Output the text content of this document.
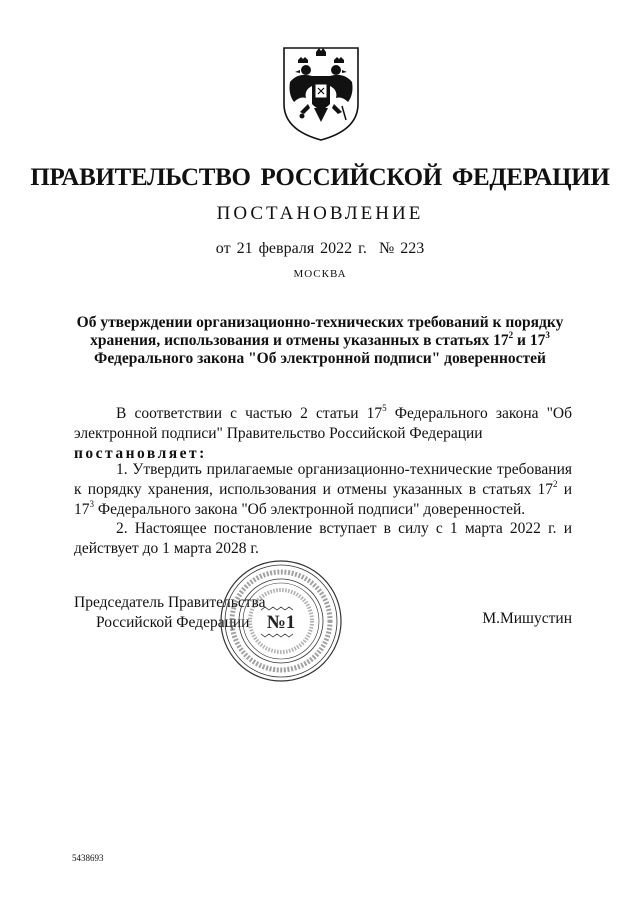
ПРАВИТЕЛЬСТВО РОССИЙСКОЙ ФЕДЕРАЦИИ
ПОСТАНОВЛЕНИЕ
от 21 февраля 2022 г. № 223
МОСКВА
Об утверждении организационно-технических требований к порядку
хранения, использования и отмены указанных в статьях $17^2$ и $17^3$
Федерального закона "Об электронной подписи" доверенностей
В соответствии с частью 2 статьи $17^5$ Федерального закона "Об электронной подписи" Правительство Российской Федерации
постановляет:
1. Утвердить прилагаемые организационно-технические требования к порядку хранения, использования и отмены указанных в статьях $17^2$ и $17^3$ Федерального закона "Об электронной подписи" доверенностей.
2. Настоящее постановление вступает в силу с 1 марта 2022 г. и действует до 1 марта 2028 г.
Председатель Правительства
Российской Федерации	М.Мишустин
№1
5438693
